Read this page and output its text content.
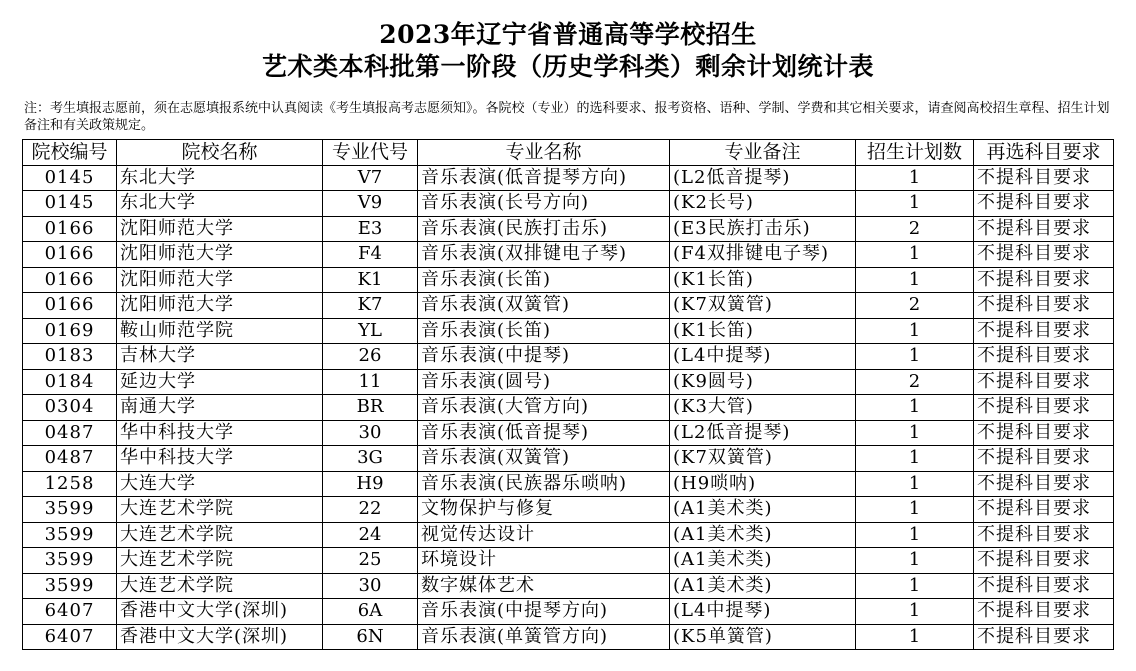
2023年辽宁省普通高等学校招生
艺术类本科批第一阶段（历史学科类）剩余计划统计表
注：考生填报志愿前，须在志愿填报系统中认真阅读《考生填报高考志愿须知》。各院校（专业）的选科要求、报考资格、语种、学制、学费和其它相关要求，请查阅高校招生章程、招生计划备注和有关政策规定。
院校编号	院校名称	专业代号	专业名称	专业备注	招生计划数	再选科目要求
0145	东北大学	V7	音乐表演(低音提琴方向)	(L2低音提琴)	1	不提科目要求
0145	东北大学	V9	音乐表演(长号方向)	(K2长号)	1	不提科目要求
0166	沈阳师范大学	E3	音乐表演(民族打击乐)	(E3民族打击乐)	2	不提科目要求
0166	沈阳师范大学	F4	音乐表演(双排键电子琴)	(F4双排键电子琴)	1	不提科目要求
0166	沈阳师范大学	K1	音乐表演(长笛)	(K1长笛)	1	不提科目要求
0166	沈阳师范大学	K7	音乐表演(双簧管)	(K7双簧管)	2	不提科目要求
0169	鞍山师范学院	YL	音乐表演(长笛)	(K1长笛)	1	不提科目要求
0183	吉林大学	26	音乐表演(中提琴)	(L4中提琴)	1	不提科目要求
0184	延边大学	11	音乐表演(圆号)	(K9圆号)	2	不提科目要求
0304	南通大学	BR	音乐表演(大管方向)	(K3大管)	1	不提科目要求
0487	华中科技大学	30	音乐表演(低音提琴)	(L2低音提琴)	1	不提科目要求
0487	华中科技大学	3G	音乐表演(双簧管)	(K7双簧管)	1	不提科目要求
1258	大连大学	H9	音乐表演(民族器乐唢呐)	(H9唢呐)	1	不提科目要求
3599	大连艺术学院	22	文物保护与修复	(A1美术类)	1	不提科目要求
3599	大连艺术学院	24	视觉传达设计	(A1美术类)	1	不提科目要求
3599	大连艺术学院	25	环境设计	(A1美术类)	1	不提科目要求
3599	大连艺术学院	30	数字媒体艺术	(A1美术类)	1	不提科目要求
6407	香港中文大学(深圳)	6A	音乐表演(中提琴方向)	(L4中提琴)	1	不提科目要求
6407	香港中文大学(深圳)	6N	音乐表演(单簧管方向)	(K5单簧管)	1	不提科目要求
